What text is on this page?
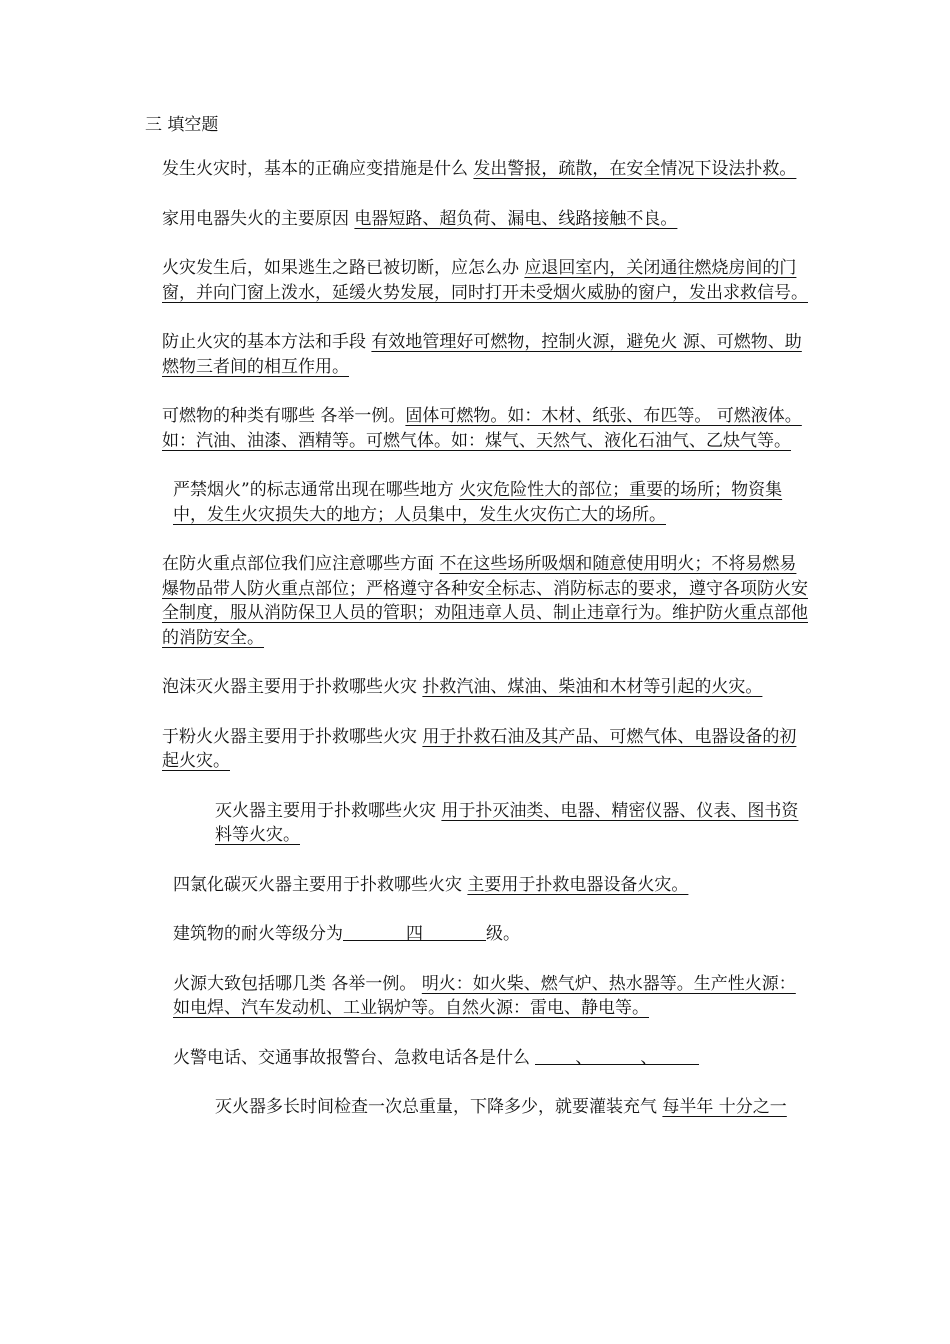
三 填空题
发生火灾时，基本的正确应变措施是什么 发出警报，疏散，在安全情况下设法扑救。
家用电器失火的主要原因 电器短路、超负荷、漏电、线路接触不良。
火灾发生后，如果逃生之路已被切断，应怎么办 应退回室内，关闭通往燃烧房间的门窗，并向门窗上泼水，延缓火势发展，同时打开未受烟火威胁的窗户，发出求救信号。
防止火灾的基本方法和手段 有效地管理好可燃物，控制火源，避免火 源、可燃物、助燃物三者间的相互作用。
可燃物的种类有哪些 各举一例。固体可燃物。如：木材、纸张、布匹等。 可燃液体。如：汽油、油漆、酒精等。可燃气体。如：煤气、天然气、液化石油气、乙炔气等。
严禁烟火”的标志通常出现在哪些地方 火灾危险性大的部位；重要的场所；物资集中，发生火灾损失大的地方；人员集中，发生火灾伤亡大的场所。
在防火重点部位我们应注意哪些方面 不在这些场所吸烟和随意使用明火；不将易燃易爆物品带人防火重点部位；严格遵守各种安全标志、消防标志的要求，遵守各项防火安全制度，服从消防保卫人员的管职；劝阻违章人员、制止违章行为。维护防火重点部他的消防安全。
泡沫灭火器主要用于扑救哪些火灾 扑救汽油、煤油、柴油和木材等引起的火灾。
于粉火火器主要用于扑救哪些火灾 用于扑救石油及其产品、可燃气体、电器设备的初起火灾。
灭火器主要用于扑救哪些火灾 用于扑灭油类、电器、精密仪器、仪表、图书资料等火灾。
四氯化碳灭火器主要用于扑救哪些火灾 主要用于扑救电器设备火灾。
建筑物的耐火等级分为	四	级。
火源大致包括哪几类 各举一例。 明火：如火柴、燃气炉、热水器等。生产性火源：如电焊、汽车发动机、工业锅炉等。自然火源：雷电、静电等。
火警电话、交通事故报警台、急救电话各是什么 、	、
灭火器多长时间检查一次总重量，下降多少，就要灌装充气 每半年 十分之一
